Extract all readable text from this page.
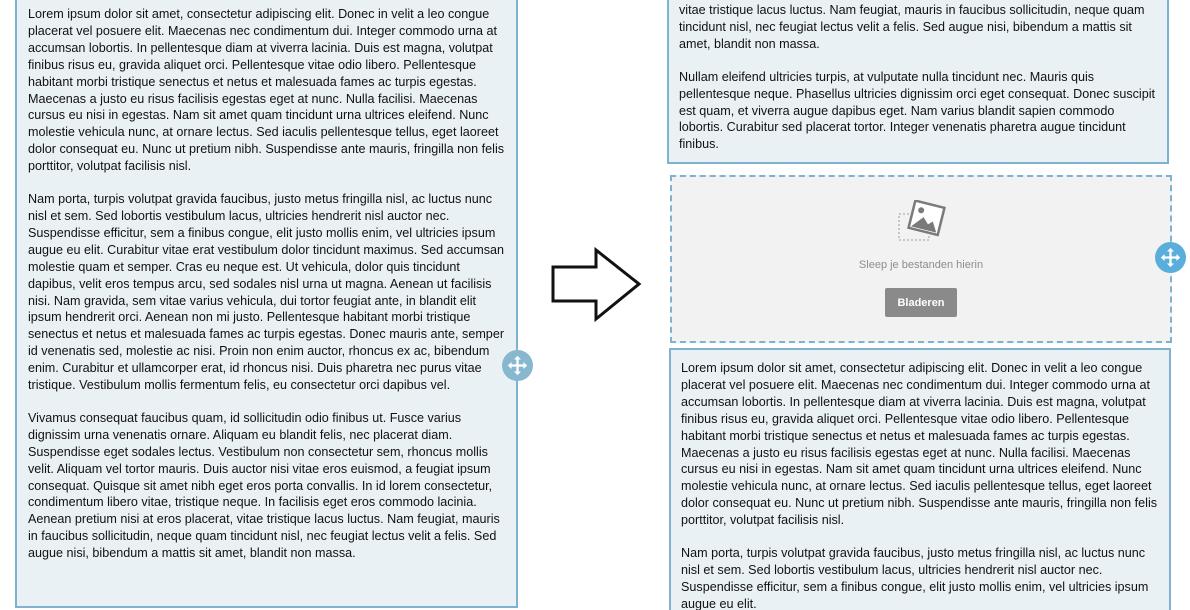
Lorem ipsum dolor sit amet, consectetur adipiscing elit. Donec in velit a leo congue placerat vel posuere elit. Maecenas nec condimentum dui. Integer commodo urna at accumsan lobortis. In pellentesque diam at viverra lacinia. Duis est magna, volutpat finibus risus eu, gravida aliquet orci. Pellentesque vitae odio libero. Pellentesque habitant morbi tristique senectus et netus et malesuada fames ac turpis egestas. Maecenas a justo eu risus facilisis egestas eget at nunc. Nulla facilisi. Maecenas cursus eu nisi in egestas. Nam sit amet quam tincidunt urna ultrices eleifend. Nunc molestie vehicula nunc, at ornare lectus. Sed iaculis pellentesque tellus, eget laoreet dolor consequat eu. Nunc ut pretium nibh. Suspendisse ante mauris, fringilla non felis porttitor, volutpat facilisis nisl.

Nam porta, turpis volutpat gravida faucibus, justo metus fringilla nisl, ac luctus nunc nisl et sem. Sed lobortis vestibulum lacus, ultricies hendrerit nisl auctor nec. Suspendisse efficitur, sem a finibus congue, elit justo mollis enim, vel ultricies ipsum augue eu elit. Curabitur vitae erat vestibulum dolor tincidunt maximus. Sed accumsan molestie quam et semper. Cras eu neque est. Ut vehicula, dolor quis tincidunt dapibus, velit eros tempus arcu, sed sodales nisl urna ut magna. Aenean ut facilisis nisi. Nam gravida, sem vitae varius vehicula, dui tortor feugiat ante, in blandit elit ipsum hendrerit orci. Aenean non mi justo. Pellentesque habitant morbi tristique senectus et netus et malesuada fames ac turpis egestas. Donec mauris ante, semper id venenatis sed, molestie ac nisi. Proin non enim auctor, rhoncus ex ac, bibendum enim. Curabitur et ullamcorper erat, id rhoncus nisi. Duis pharetra nec purus vitae tristique. Vestibulum mollis fermentum felis, eu consectetur orci dapibus vel.

Vivamus consequat faucibus quam, id sollicitudin odio finibus ut. Fusce varius dignissim urna venenatis ornare. Aliquam eu blandit felis, nec placerat diam. Suspendisse eget sodales lectus. Vestibulum non consectetur sem, rhoncus mollis velit. Aliquam vel tortor mauris. Duis auctor nisi vitae eros euismod, a feugiat ipsum consequat. Quisque sit amet nibh eget eros porta convallis. In id lorem consectetur, condimentum libero vitae, tristique neque. In facilisis eget eros commodo lacinia. Aenean pretium nisi at eros placerat, vitae tristique lacus luctus. Nam feugiat, mauris in faucibus sollicitudin, neque quam tincidunt nisl, nec feugiat lectus velit a felis. Sed augue nisi, bibendum a mattis sit amet, blandit non massa.

vitae tristique lacus luctus. Nam feugiat, mauris in faucibus sollicitudin, neque quam tincidunt nisl, nec feugiat lectus velit a felis. Sed augue nisi, bibendum a mattis sit amet, blandit non massa.

Nullam eleifend ultricies turpis, at vulputate nulla tincidunt nec. Mauris quis pellentesque neque. Phasellus ultricies dignissim orci eget consequat. Donec suscipit est quam, et viverra augue dapibus eget. Nam varius blandit sapien commodo lobortis. Curabitur sed placerat tortor. Integer venenatis pharetra augue tincidunt finibus.

Sleep je bestanden hierin
Bladeren

Lorem ipsum dolor sit amet, consectetur adipiscing elit. Donec in velit a leo congue placerat vel posuere elit. Maecenas nec condimentum dui. Integer commodo urna at accumsan lobortis. In pellentesque diam at viverra lacinia. Duis est magna, volutpat finibus risus eu, gravida aliquet orci. Pellentesque vitae odio libero. Pellentesque habitant morbi tristique senectus et netus et malesuada fames ac turpis egestas. Maecenas a justo eu risus facilisis egestas eget at nunc. Nulla facilisi. Maecenas cursus eu nisi in egestas. Nam sit amet quam tincidunt urna ultrices eleifend. Nunc molestie vehicula nunc, at ornare lectus. Sed iaculis pellentesque tellus, eget laoreet dolor consequat eu. Nunc ut pretium nibh. Suspendisse ante mauris, fringilla non felis porttitor, volutpat facilisis nisl.

Nam porta, turpis volutpat gravida faucibus, justo metus fringilla nisl, ac luctus nunc nisl et sem. Sed lobortis vestibulum lacus, ultricies hendrerit nisl auctor nec. Suspendisse efficitur, sem a finibus congue, elit justo mollis enim, vel ultricies ipsum augue eu elit.
